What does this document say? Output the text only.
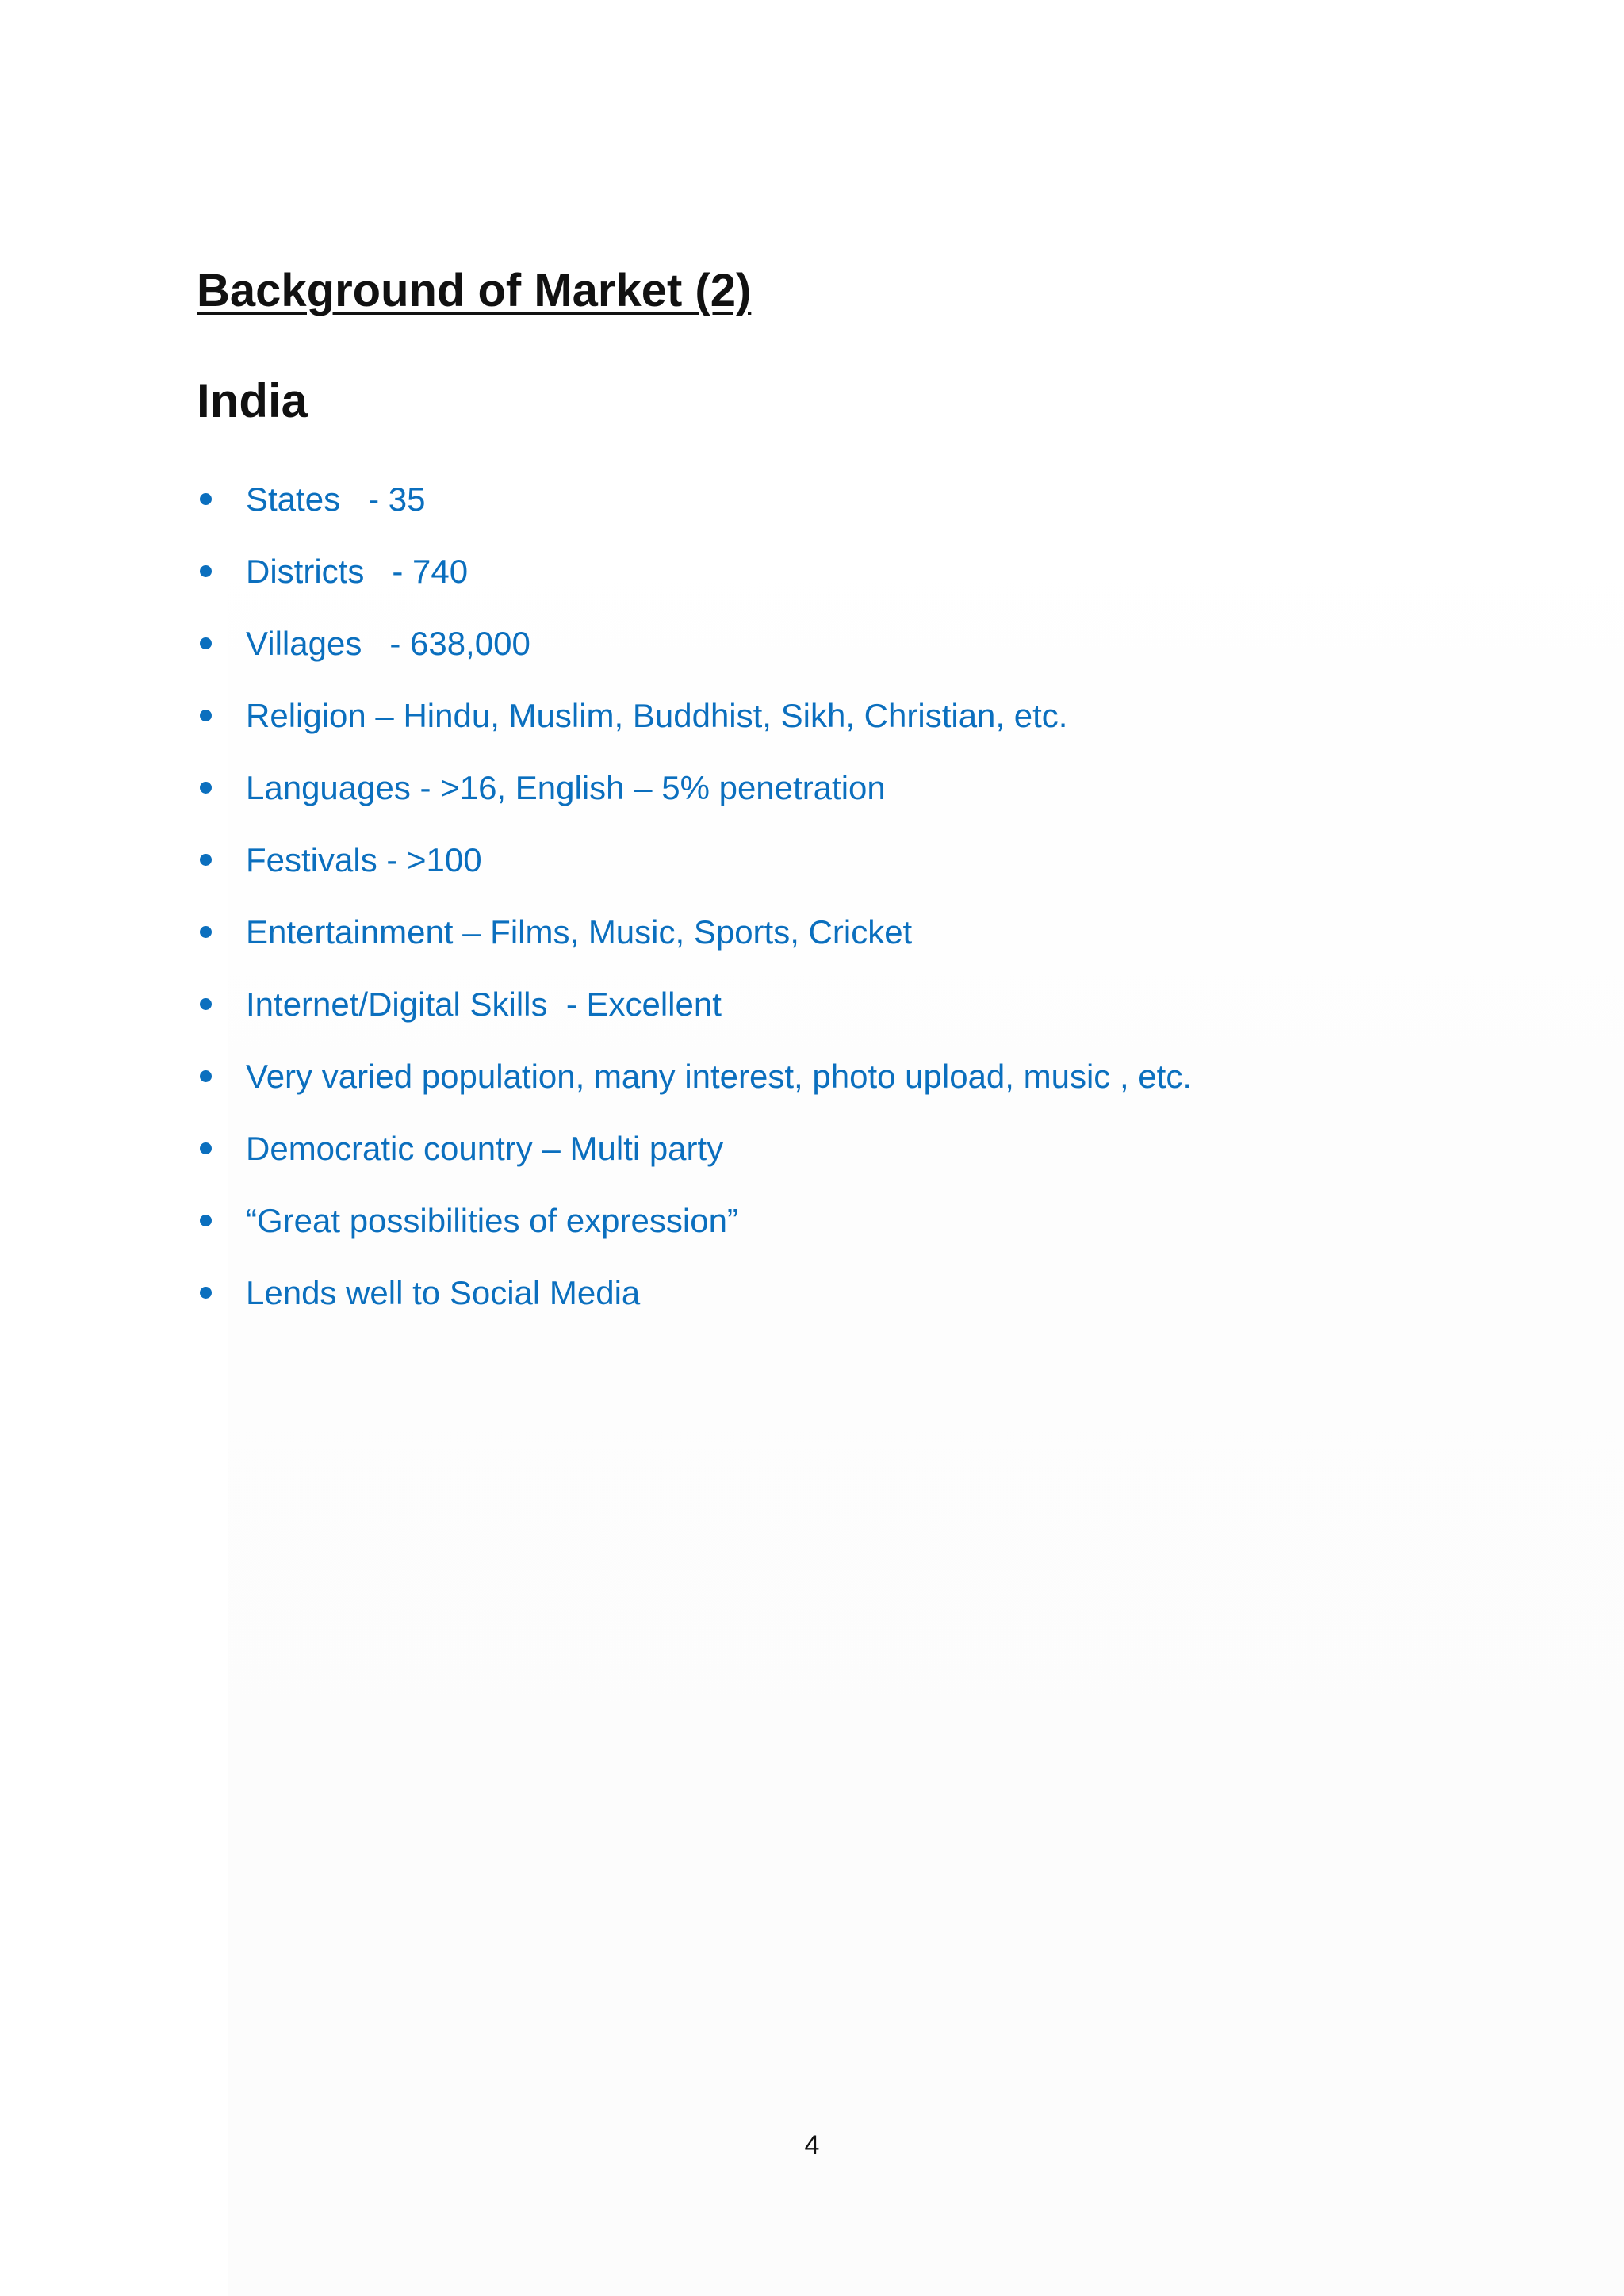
Background of Market (2)
India
States   - 35
Districts   - 740
Villages   - 638,000
Religion – Hindu, Muslim, Buddhist, Sikh, Christian, etc.
Languages - >16, English – 5% penetration
Festivals - >100
Entertainment – Films, Music, Sports, Cricket
Internet/Digital Skills  - Excellent
Very varied population, many interest, photo upload, music , etc.
Democratic country – Multi party
“Great possibilities of expression”
Lends well to Social Media
4
